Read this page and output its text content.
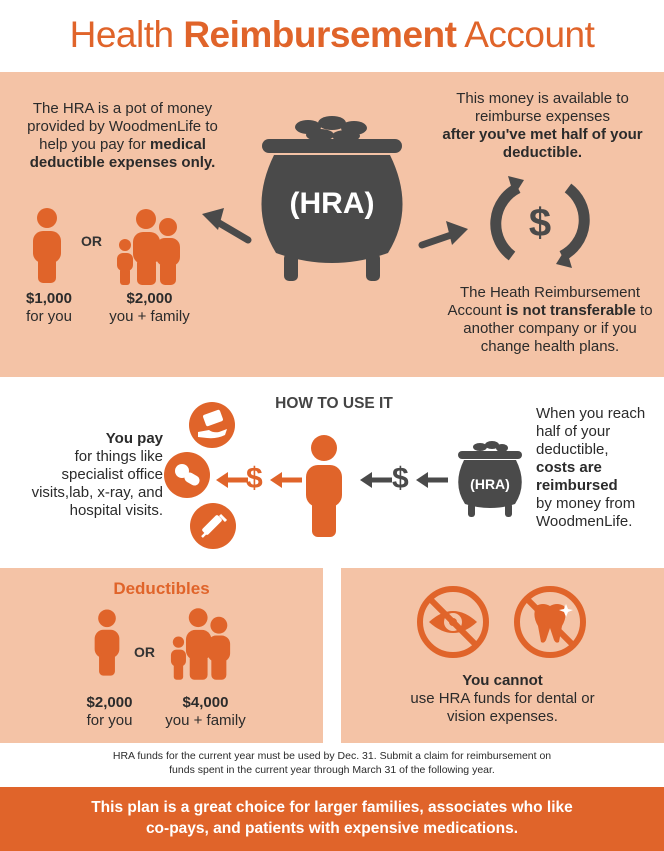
Health Reimbursement Account
The HRA is a pot of money provided by WoodmenLife to help you pay for medical deductible expenses only.
OR
$1,000
for you
$2,000
you + family
(HRA)
This money is available to reimburse expenses
after you've met half of your deductible.
$
The Heath Reimbursement Account is not transferable to another company or if you change health plans.
HOW TO USE IT
You pay
for things like specialist office visits,lab, x-ray, and hospital visits.
$	$	(HRA)
When you reach half of your deductible,
costs are reimbursed
by money from WoodmenLife.
Deductibles
OR
$2,000
for you
$4,000
you + family
You cannot
use HRA funds for dental or vision expenses.
HRA funds for the current year must be used by Dec. 31. Submit a claim for reimbursement on funds spent in the current year through March 31 of the following year.
This plan is a great choice for larger families, associates who like co-pays, and patients with expensive medications.
